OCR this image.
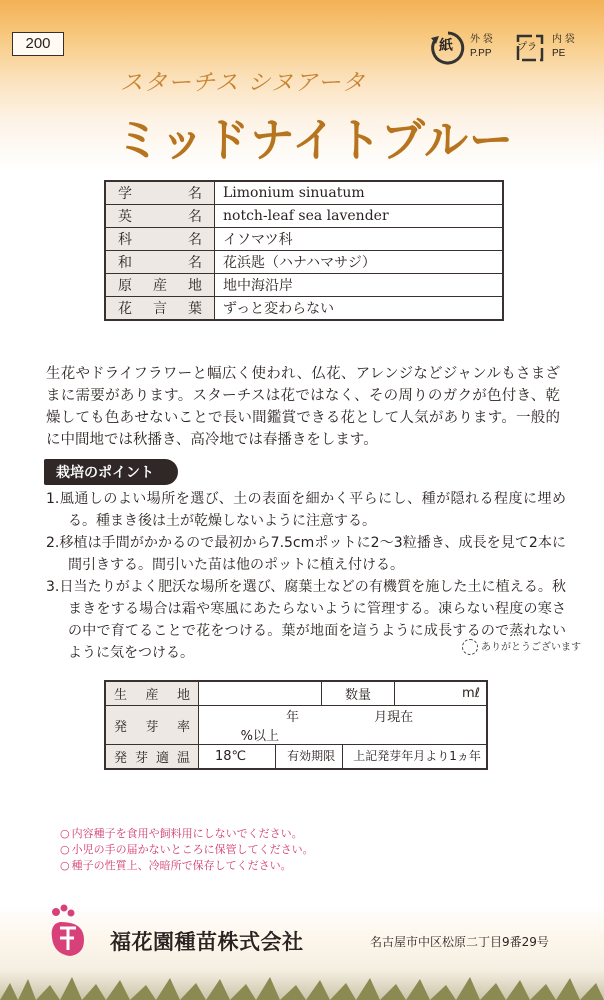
200	紙 外 袋
P.PP
プラ
内 袋
PE
スターチス シヌアータ
ミッドナイトブルー
学名	Limonium sinuatum
英名	notch-leaf sea lavender
科名	イソマツ科
和名	花浜匙（ハナハマサジ）
原産地	地中海沿岸
花言葉	ずっと変わらない
生花やドライフラワーと幅広く使われ、仏花、アレンジなどジャンルもさまざまに需要があります。スターチスは花ではなく、その周りのガクが色付き、乾燥しても色あせないことで長い間鑑賞できる花として人気があります。一般的に中間地では秋播き、高冷地では春播きをします。
栽培のポイント
1.風通しのよい場所を選び、土の表面を細かく平らにし、種が隠れる程度に埋める。種まき後は土が乾燥しないように注意する。
2.移植は手間がかかるので最初から7.5cmポットに2～3粒播き、成長を見て2本に間引きする。間引いた苗は他のポットに植え付ける。
3.日当たりがよく肥沃な場所を選び、腐葉土などの有機質を施した土に植える。秋まきをする場合は霜や寒風にあたらないように管理する。凍らない程度の寒さの中で育てることで花をつける。葉が地面を這うように成長するので蒸れないように気をつける。	ありがとうございます
生産地		数量	mℓ
発芽率	年 月現在 %以上		
発芽適温	18℃ 有効期限 上記発芽年月より1ヵ年		
○ 内容種子を食用や飼料用にしないでください。
○ 小児の手の届かないところに保管してください。
○ 種子の性質上、冷暗所で保存してください。
福花園種苗株式会社	名古屋市中区松原二丁目9番29号
